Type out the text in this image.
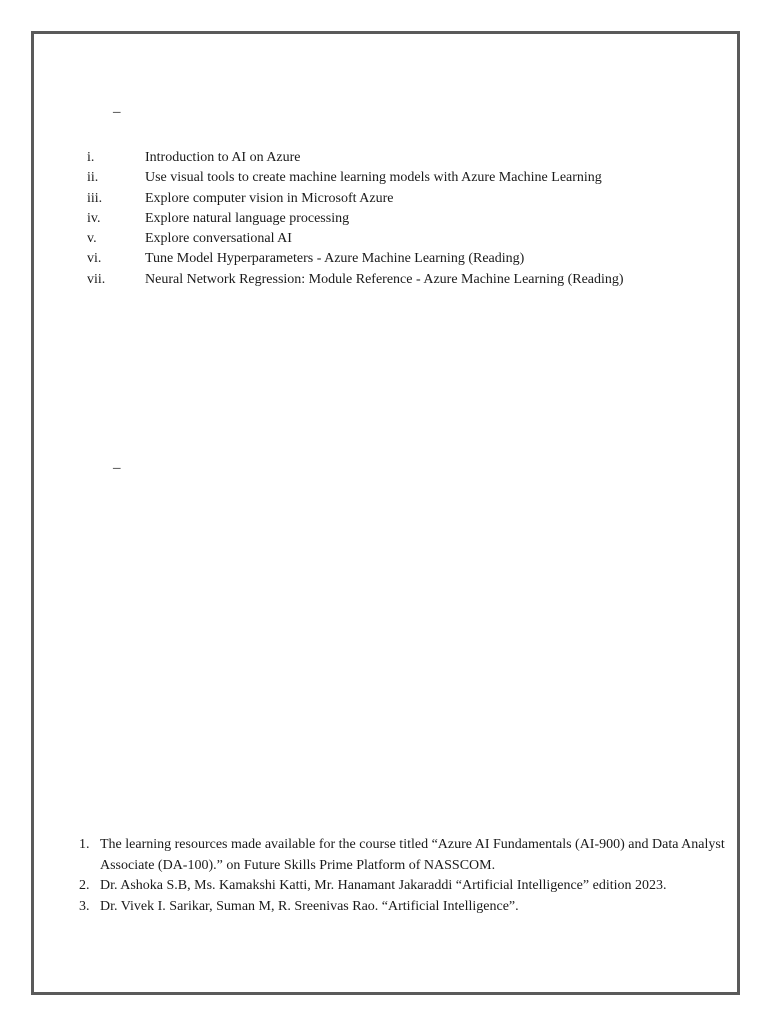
–
i.	Introduction to AI on Azure
ii.	Use visual tools to create machine learning models with Azure Machine Learning
iii.	Explore computer vision in Microsoft Azure
iv.	Explore natural language processing
v.	Explore conversational AI
vi.	Tune Model Hyperparameters - Azure Machine Learning (Reading)
vii.	Neural Network Regression: Module Reference - Azure Machine Learning (Reading)
–
1. The learning resources made available for the course titled “Azure AI Fundamentals (AI-900) and Data Analyst Associate (DA-100).” on Future Skills Prime Platform of NASSCOM.
2. Dr. Ashoka S.B, Ms. Kamakshi Katti, Mr. Hanamant Jakaraddi “Artificial Intelligence” edition 2023.
3. Dr. Vivek I. Sarikar, Suman M, R. Sreenivas Rao. “Artificial Intelligence”.
